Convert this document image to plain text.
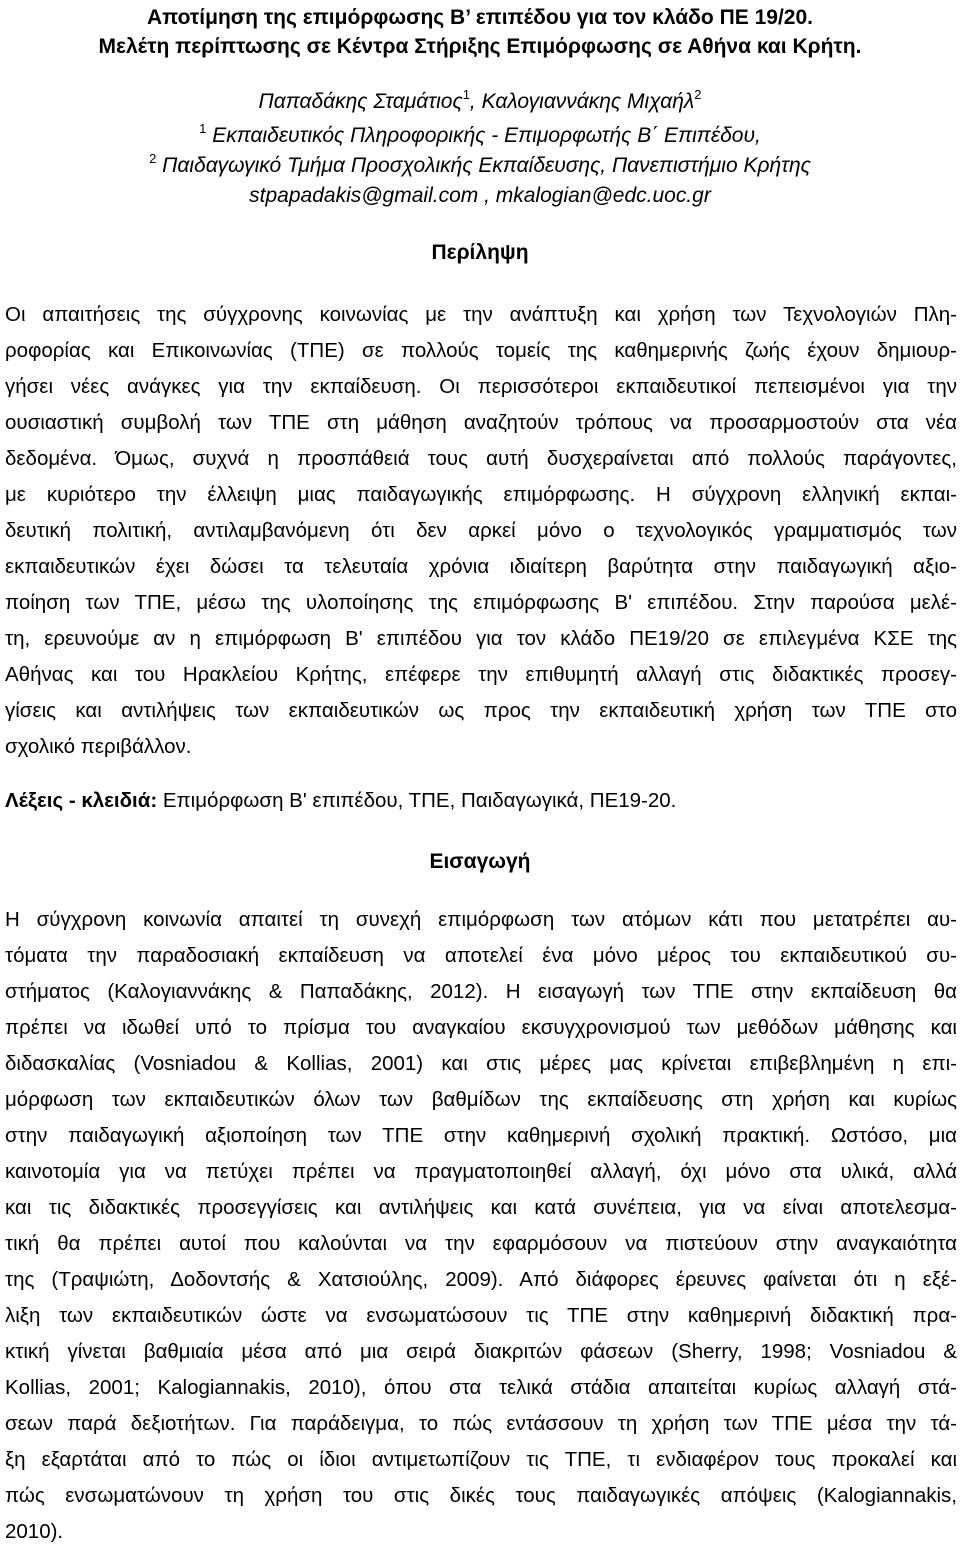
Αποτίμηση της επιμόρφωσης Β’ επιπέδου για τον κλάδο ΠΕ 19/20.
Μελέτη περίπτωσης σε Κέντρα Στήριξης Επιμόρφωσης σε Αθήνα και Κρήτη.
Παπαδάκης Σταμάτιος$^1$, Καλογιαννάκης Μιχαήλ$^2$
$^1$ Εκπαιδευτικός Πληροφορικής - Επιμορφωτής Β΄ Επιπέδου,
$^2$ Παιδαγωγικό Τμήμα Προσχολικής Εκπαίδευσης, Πανεπιστήμιο Κρήτης
stpapadakis@gmail.com , mkalogian@edc.uoc.gr
Περίληψη
Οι απαιτήσεις της σύγχρονης κοινωνίας με την ανάπτυξη και χρήση των Τεχνολογιών Πλη-
ροφορίας και Επικοινωνίας (ΤΠΕ) σε πολλούς τομείς της καθημερινής ζωής έχουν δημιουρ-
γήσει νέες ανάγκες για την εκπαίδευση. Οι περισσότεροι εκπαιδευτικοί πεπεισμένοι για την
ουσιαστική συμβολή των ΤΠΕ στη μάθηση αναζητούν τρόπους να προσαρμοστούν στα νέα
δεδομένα. Όμως, συχνά η προσπάθειά τους αυτή δυσχεραίνεται από πολλούς παράγοντες,
με κυριότερο την έλλειψη μιας παιδαγωγικής επιμόρφωσης. Η σύγχρονη ελληνική εκπαι-
δευτική πολιτική, αντιλαμβανόμενη ότι δεν αρκεί μόνο ο τεχνολογικός γραμματισμός των
εκπαιδευτικών έχει δώσει τα τελευταία χρόνια ιδιαίτερη βαρύτητα στην παιδαγωγική αξιο-
ποίηση των ΤΠΕ, μέσω της υλοποίησης της επιμόρφωσης Β' επιπέδου. Στην παρούσα μελέ-
τη, ερευνούμε αν η επιμόρφωση Β' επιπέδου για τον κλάδο ΠΕ19/20 σε επιλεγμένα ΚΣΕ της
Αθήνας και του Ηρακλείου Κρήτης, επέφερε την επιθυμητή αλλαγή στις διδακτικές προσεγ-
γίσεις και αντιλήψεις των εκπαιδευτικών ως προς την εκπαιδευτική χρήση των ΤΠΕ στο
σχολικό περιβάλλον.
Λέξεις - κλειδιά: Επιμόρφωση Β' επιπέδου, ΤΠΕ, Παιδαγωγικά, ΠΕ19-20.
Εισαγωγή
Η σύγχρονη κοινωνία απαιτεί τη συνεχή επιμόρφωση των ατόμων κάτι που μετατρέπει αυ-
τόματα την παραδοσιακή εκπαίδευση να αποτελεί ένα μόνο μέρος του εκπαιδευτικού συ-
στήματος (Καλογιαννάκης & Παπαδάκης, 2012). Η εισαγωγή των ΤΠΕ στην εκπαίδευση θα
πρέπει να ιδωθεί υπό το πρίσμα του αναγκαίου εκσυγχρονισμού των μεθόδων μάθησης και
διδασκαλίας (Vosniadou & Kollias, 2001) και στις μέρες μας κρίνεται επιβεβλημένη η επι-
μόρφωση των εκπαιδευτικών όλων των βαθμίδων της εκπαίδευσης στη χρήση και κυρίως
στην παιδαγωγική αξιοποίηση των ΤΠΕ στην καθημερινή σχολική πρακτική. Ωστόσο, μια
καινοτομία για να πετύχει πρέπει να πραγματοποιηθεί αλλαγή, όχι μόνο στα υλικά, αλλά
και τις διδακτικές προσεγγίσεις και αντιλήψεις και κατά συνέπεια, για να είναι αποτελεσμα-
τική θα πρέπει αυτοί που καλούνται να την εφαρμόσουν να πιστεύουν στην αναγκαιότητα
της (Τραψιώτη, Δοδοντσής & Χατσιούλης, 2009). Από διάφορες έρευνες φαίνεται ότι η εξέ-
λιξη των εκπαιδευτικών ώστε να ενσωματώσουν τις ΤΠΕ στην καθημερινή διδακτική πρα-
κτική γίνεται βαθμιαία μέσα από μια σειρά διακριτών φάσεων (Sherry, 1998; Vosniadou &
Kollias, 2001; Kalogiannakis, 2010), όπου στα τελικά στάδια απαιτείται κυρίως αλλαγή στά-
σεων παρά δεξιοτήτων. Για παράδειγμα, το πώς εντάσσουν τη χρήση των ΤΠΕ μέσα την τά-
ξη εξαρτάται από το πώς οι ίδιοι αντιμετωπίζουν τις ΤΠΕ, τι ενδιαφέρον τους προκαλεί και
πώς ενσωματώνουν τη χρήση του στις δικές τους παιδαγωγικές απόψεις (Kalogiannakis,
2010).
